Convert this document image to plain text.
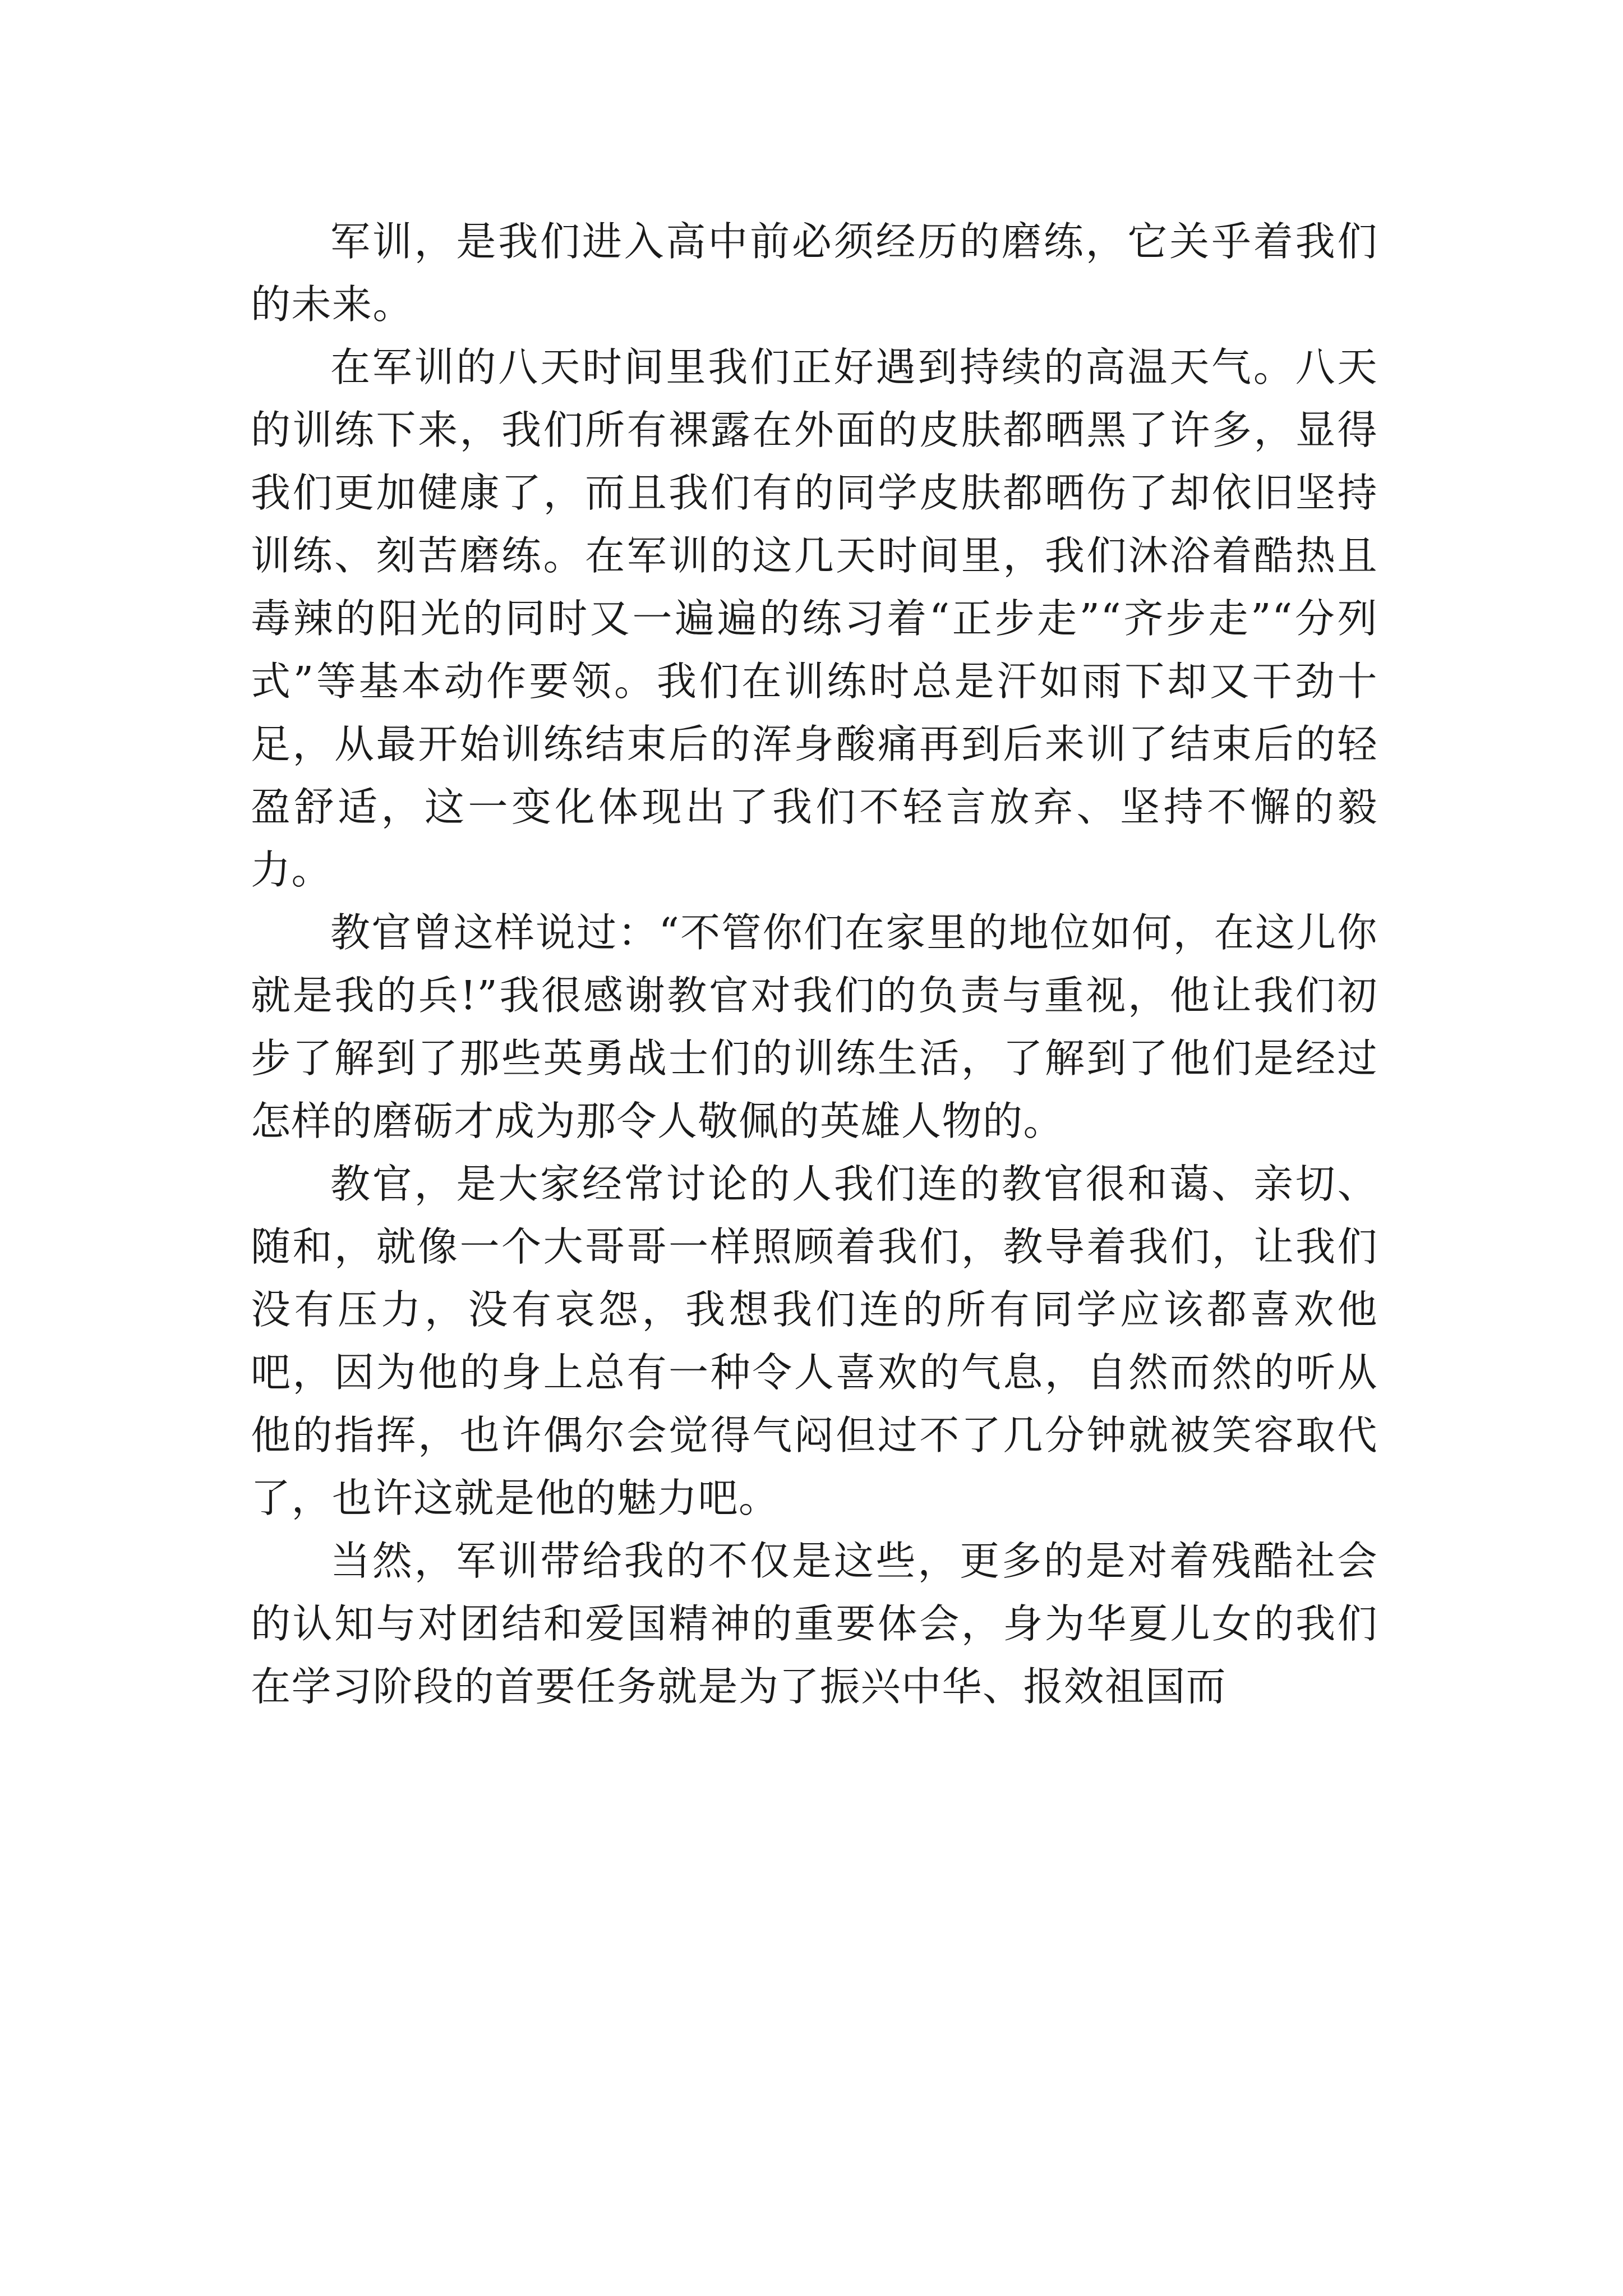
军训，是我们进入高中前必须经历的磨练，它关乎着我们的未来。

在军训的八天时间里我们正好遇到持续的高温天气。八天的训练下来，我们所有裸露在外面的皮肤都晒黑了许多，显得我们更加健康了，而且我们有的同学皮肤都晒伤了却依旧坚持训练、刻苦磨练。在军训的这几天时间里，我们沐浴着酷热且毒辣的阳光的同时又一遍遍的练习着“正步走”“齐步走”“分列式”等基本动作要领。我们在训练时总是汗如雨下却又干劲十足，从最开始训练结束后的浑身酸痛再到后来训了结束后的轻盈舒适，这一变化体现出了我们不轻言放弃、坚持不懈的毅力。

教官曾这样说过：“不管你们在家里的地位如何，在这儿你就是我的兵!”我很感谢教官对我们的负责与重视，他让我们初步了解到了那些英勇战士们的训练生活，了解到了他们是经过怎样的磨砺才成为那令人敬佩的英雄人物的。

教官，是大家经常讨论的人我们连的教官很和蔼、亲切、随和，就像一个大哥哥一样照顾着我们，教导着我们，让我们没有压力，没有哀怨，我想我们连的所有同学应该都喜欢他吧，因为他的身上总有一种令人喜欢的气息，自然而然的听从他的指挥，也许偶尔会觉得气闷但过不了几分钟就被笑容取代了，也许这就是他的魅力吧。

当然，军训带给我的不仅是这些，更多的是对着残酷社会的认知与对团结和爱国精神的重要体会，身为华夏儿女的我们在学习阶段的首要任务就是为了振兴中华、报效祖国而
